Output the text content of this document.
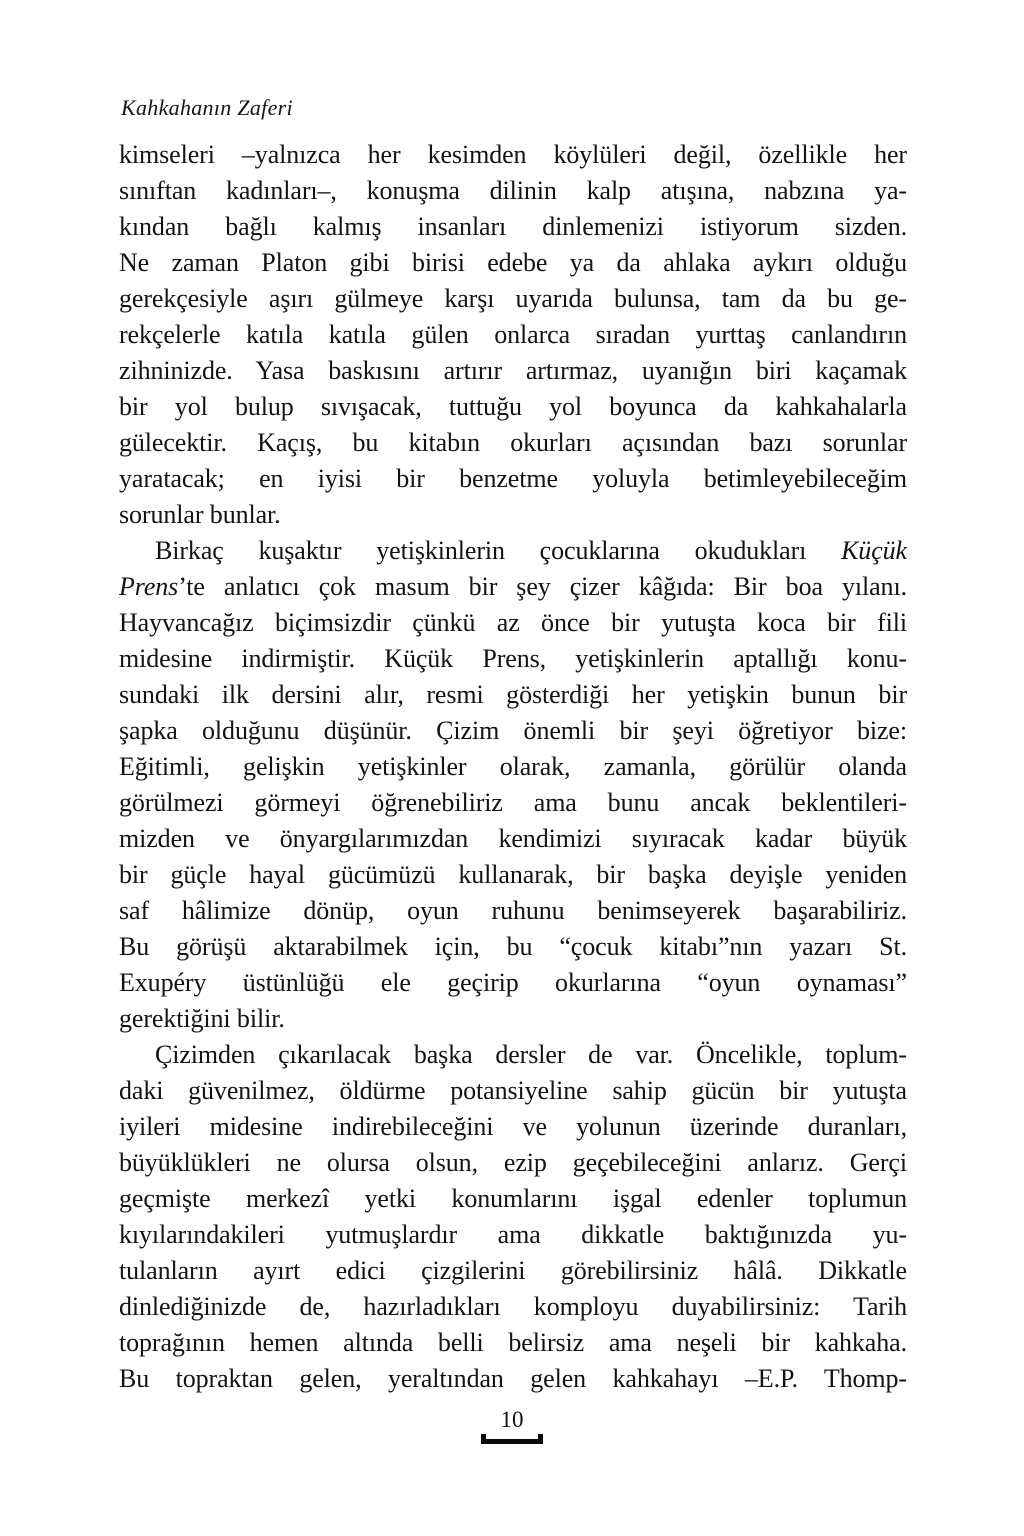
Kahkahanın Zaferi
kimseleri –yalnızca her kesimden köylüleri değil, özellikle her
sınıftan kadınları–, konuşma dilinin kalp atışına, nabzına ya-
kından bağlı kalmış insanları dinlemenizi istiyorum sizden.
Ne zaman Platon gibi birisi edebe ya da ahlaka aykırı olduğu
gerekçesiyle aşırı gülmeye karşı uyarıda bulunsa, tam da bu ge-
rekçelerle katıla katıla gülen onlarca sıradan yurttaş canlandırın
zihninizde. Yasa baskısını artırır artırmaz, uyanığın biri kaçamak
bir yol bulup sıvışacak, tuttuğu yol boyunca da kahkahalarla
gülecektir. Kaçış, bu kitabın okurları açısından bazı sorunlar
yaratacak; en iyisi bir benzetme yoluyla betimleyebileceğim
sorunlar bunlar.
Birkaç kuşaktır yetişkinlerin çocuklarına okudukları Küçük
Prens’te anlatıcı çok masum bir şey çizer kâğıda: Bir boa yılanı.
Hayvancağız biçimsizdir çünkü az önce bir yutuşta koca bir fili
midesine indirmiştir. Küçük Prens, yetişkinlerin aptallığı konu-
sundaki ilk dersini alır, resmi gösterdiği her yetişkin bunun bir
şapka olduğunu düşünür. Çizim önemli bir şeyi öğretiyor bize:
Eğitimli, gelişkin yetişkinler olarak, zamanla, görülür olanda
görülmezi görmeyi öğrenebiliriz ama bunu ancak beklentileri-
mizden ve önyargılarımızdan kendimizi sıyıracak kadar büyük
bir güçle hayal gücümüzü kullanarak, bir başka deyişle yeniden
saf hâlimize dönüp, oyun ruhunu benimseyerek başarabiliriz.
Bu görüşü aktarabilmek için, bu “çocuk kitabı”nın yazarı St.
Exupéry üstünlüğü ele geçirip okurlarına “oyun oynaması”
gerektiğini bilir.
Çizimden çıkarılacak başka dersler de var. Öncelikle, toplum-
daki güvenilmez, öldürme potansiyeline sahip gücün bir yutuşta
iyileri midesine indirebileceğini ve yolunun üzerinde duranları,
büyüklükleri ne olursa olsun, ezip geçebileceğini anlarız. Gerçi
geçmişte merkezî yetki konumlarını işgal edenler toplumun
kıyılarındakileri yutmuşlardır ama dikkatle baktığınızda yu-
tulanların ayırt edici çizgilerini görebilirsiniz hâlâ. Dikkatle
dinlediğinizde de, hazırladıkları komployu duyabilirsiniz: Tarih
toprağının hemen altında belli belirsiz ama neşeli bir kahkaha.
Bu topraktan gelen, yeraltından gelen kahkahayı –E.P. Thomp-
10
